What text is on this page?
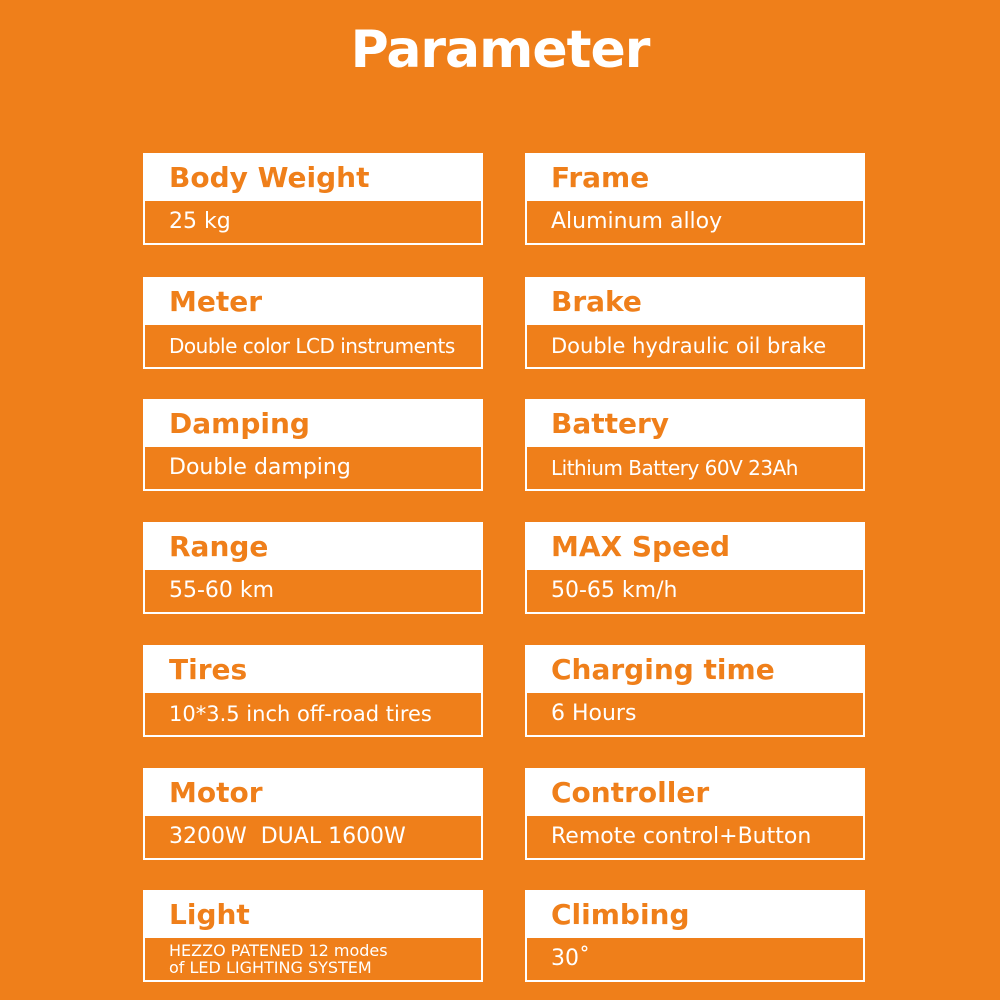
Parameter
Body Weight
25 kg
Frame
Aluminum alloy
Meter
Double color LCD instruments
Brake
Double hydraulic oil brake
Damping
Double damping
Battery
Lithium Battery 60V 23Ah
Range
55-60 km
MAX Speed
50-65 km/h
Tires
10*3.5 inch off-road tires
Charging time
6 Hours
Motor
3200W  DUAL 1600W
Controller
Remote control+Button
Light
HEZZO PATENED 12 modes
of LED LIGHTING SYSTEM
Climbing
30˚
